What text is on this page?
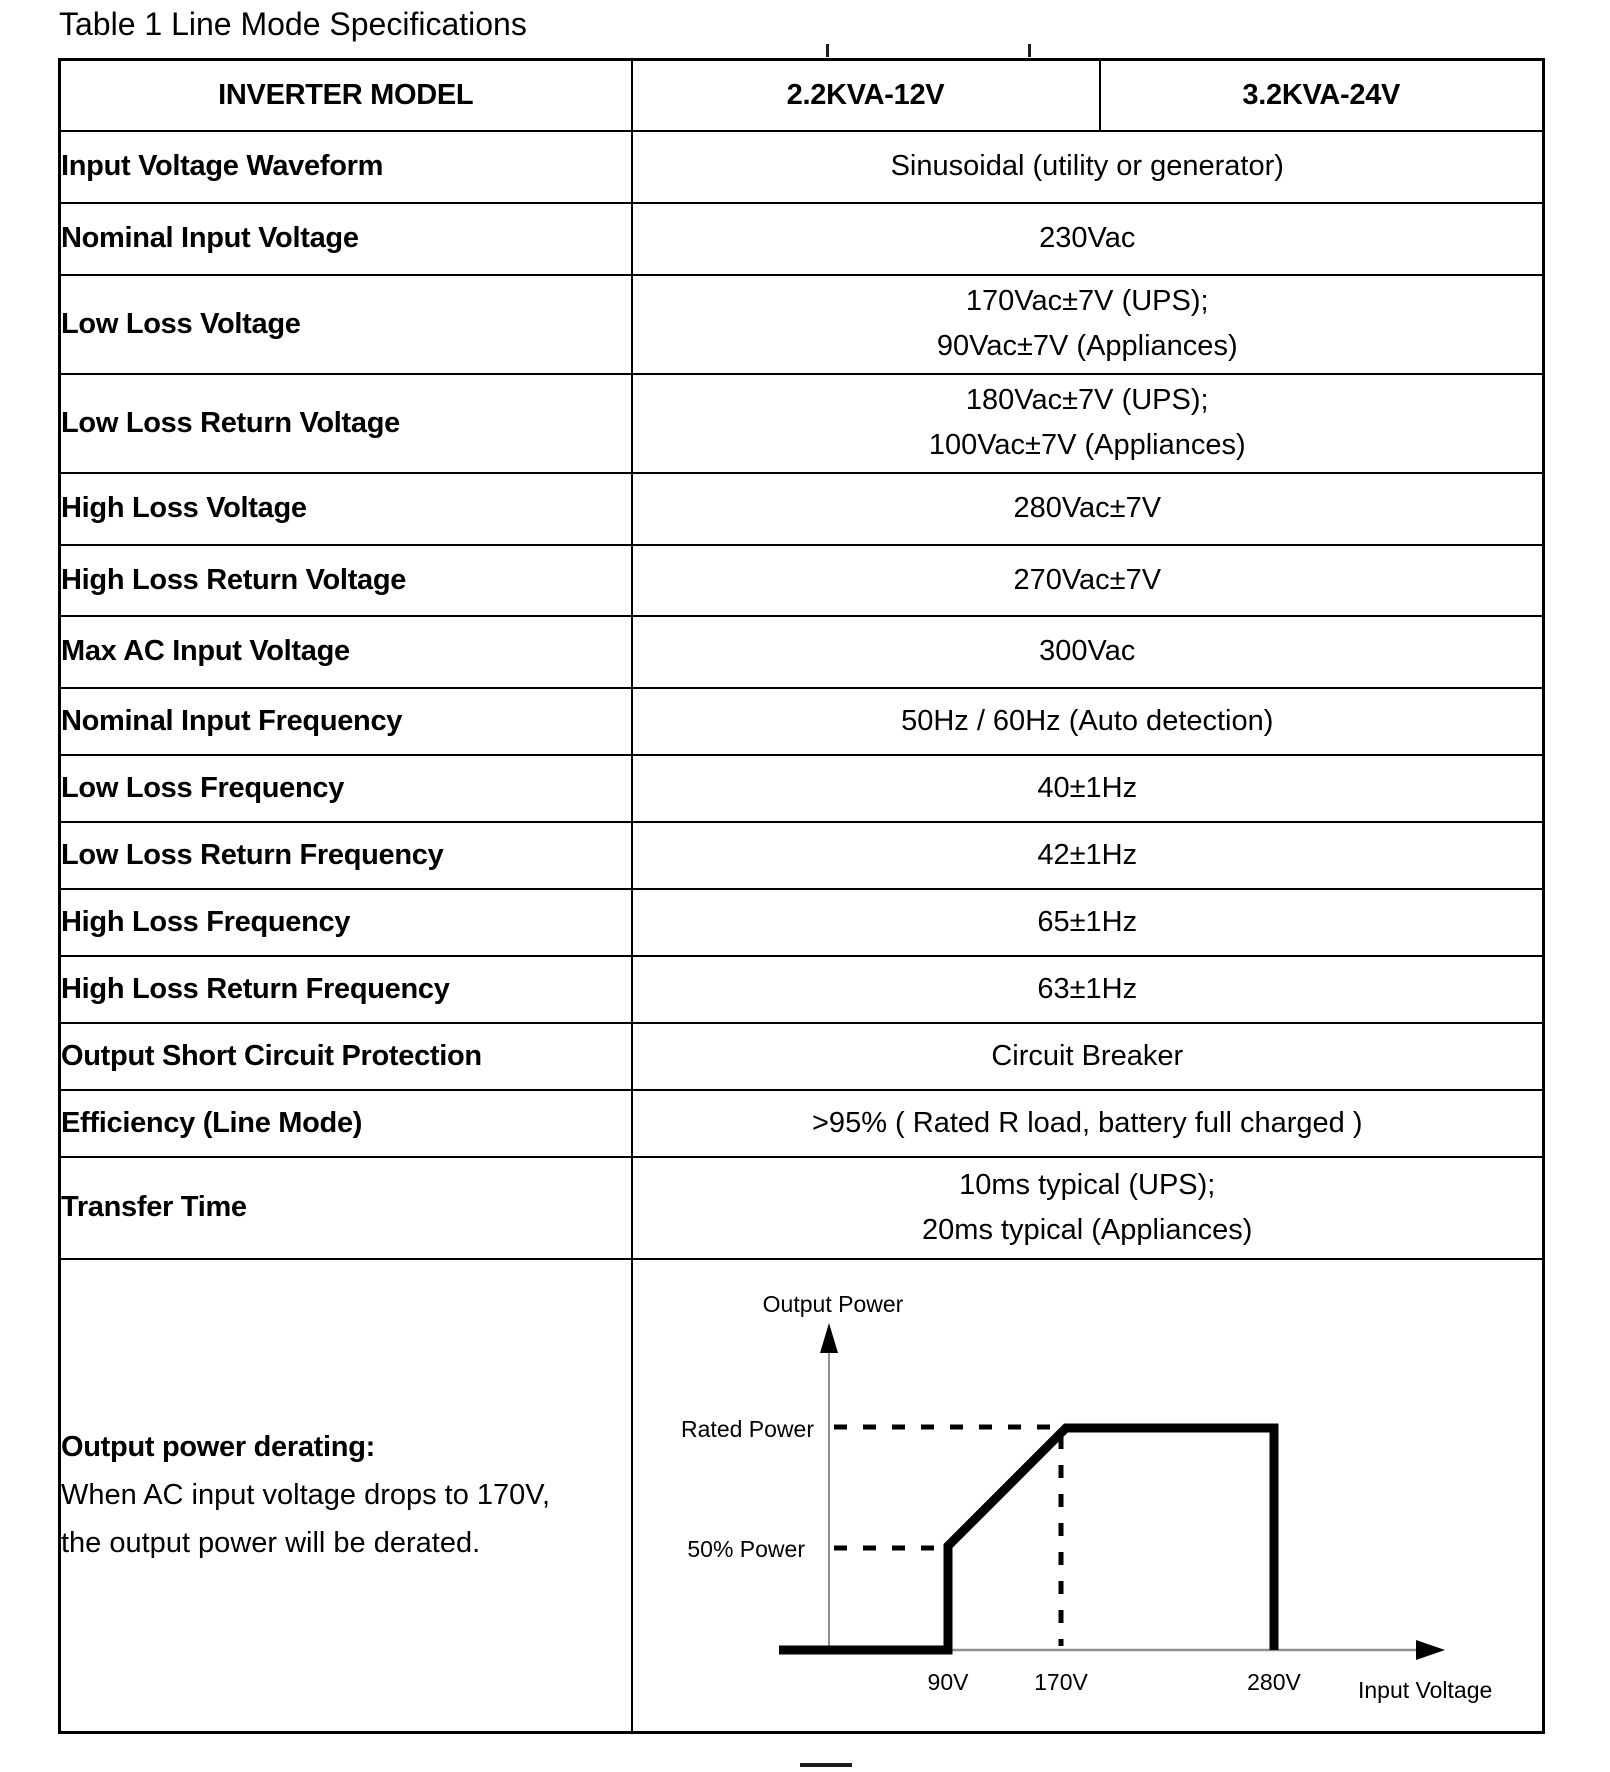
Table 1 Line Mode Specifications
INVERTER MODEL	2.2KVA-12V	3.2KVA-24V
Input Voltage Waveform	Sinusoidal (utility or generator)	

Nominal Input Voltage	230Vac	

Low Loss Voltage	170Vac±7V (UPS);
90Vac±7V (Appliances)	

Low Loss Return Voltage	180Vac±7V (UPS);
100Vac±7V (Appliances)	

High Loss Voltage	280Vac±7V	

High Loss Return Voltage	270Vac±7V	

Max AC Input Voltage	300Vac	

Nominal Input Frequency	50Hz / 60Hz (Auto detection)	

Low Loss Frequency	40±1Hz	

Low Loss Return Frequency	42±1Hz	

High Loss Frequency	65±1Hz	

High Loss Return Frequency	63±1Hz	

Output Short Circuit Protection	Circuit Breaker	

Efficiency (Line Mode)	>95% ( Rated R load, battery full charged )	

Transfer Time	10ms typical (UPS);
20ms typical (Appliances)	

Output power derating:
When AC input voltage drops to 170V,
the output power will be derated.

Output Power
Rated Power
50% Power
90V	170V	280V Input Voltage
